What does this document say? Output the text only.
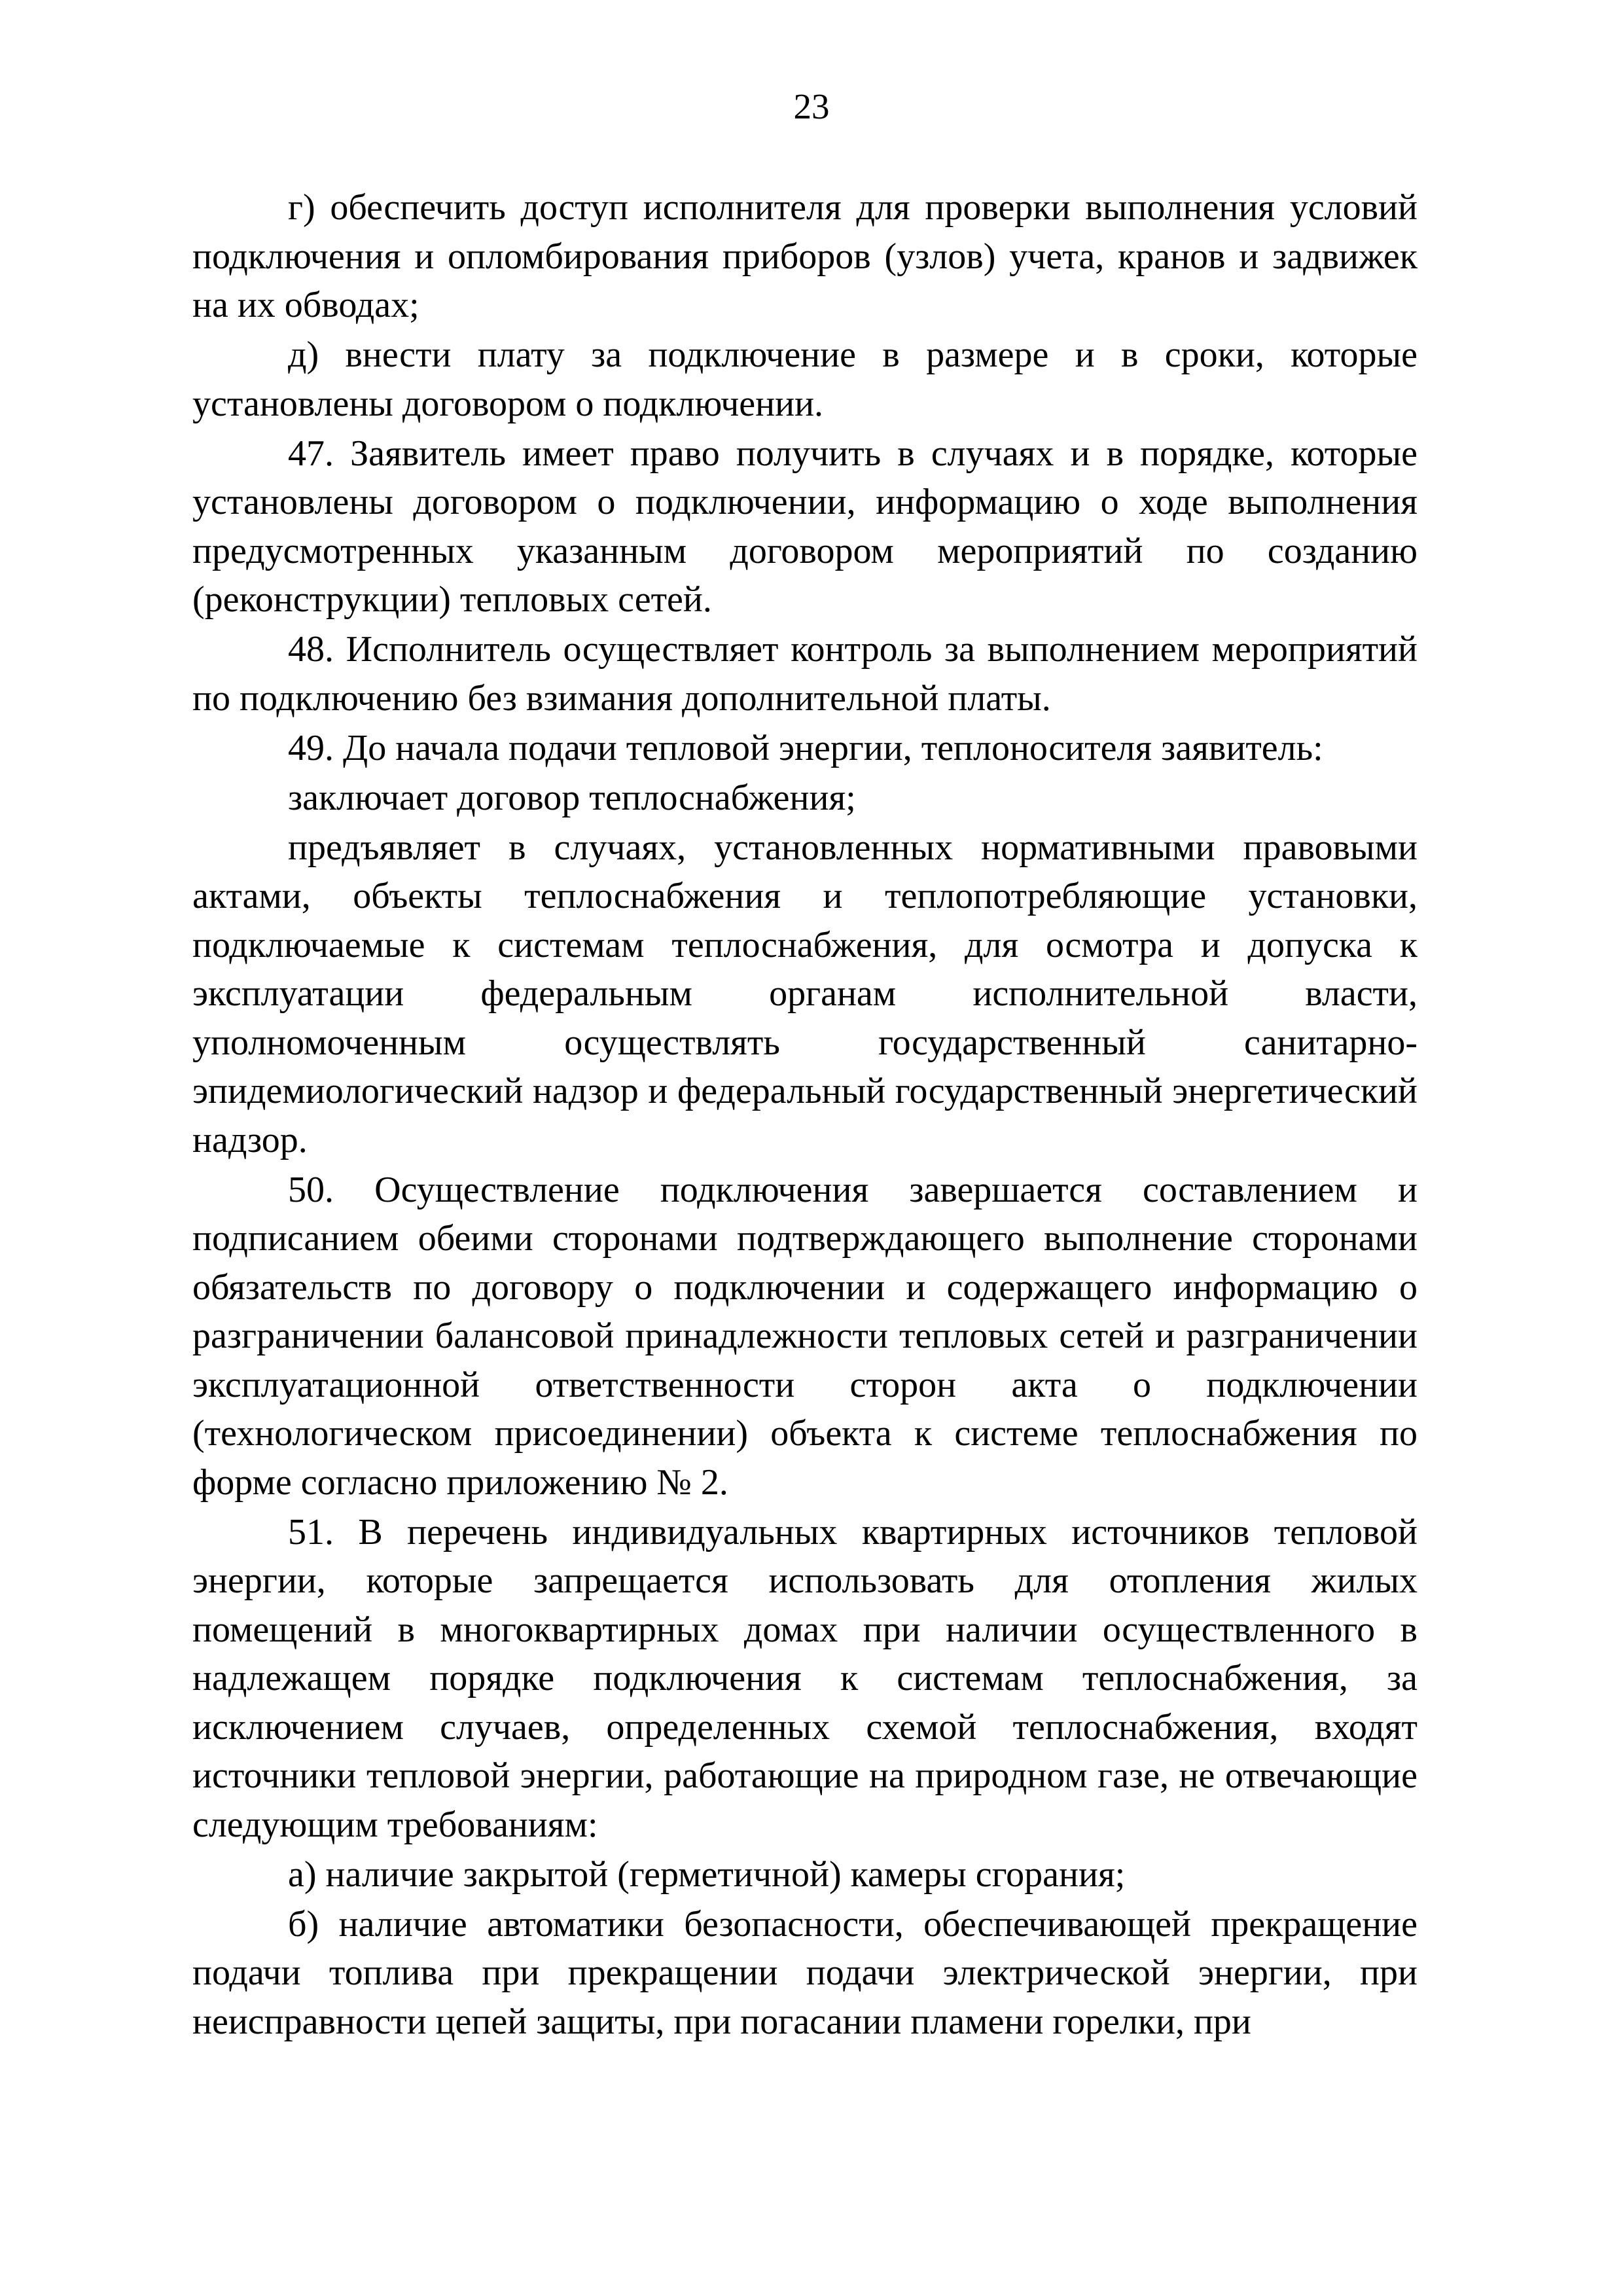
23

г) обеспечить доступ исполнителя для проверки выполнения условий подключения и опломбирования приборов (узлов) учета, кранов и задвижек на их обводах;

д) внести плату за подключение в размере и в сроки, которые установлены договором о подключении.

47. Заявитель имеет право получить в случаях и в порядке, которые установлены договором о подключении, информацию о ходе выполнения предусмотренных указанным договором мероприятий по созданию (реконструкции) тепловых сетей.

48. Исполнитель осуществляет контроль за выполнением мероприятий по подключению без взимания дополнительной платы.

49. До начала подачи тепловой энергии, теплоносителя заявитель:

заключает договор теплоснабжения;

предъявляет в случаях, установленных нормативными правовыми актами, объекты теплоснабжения и теплопотребляющие установки, подключаемые к системам теплоснабжения, для осмотра и допуска к эксплуатации федеральным органам исполнительной власти, уполномоченным осуществлять государственный санитарно-эпидемиологический надзор и федеральный государственный энергетический надзор.

50. Осуществление подключения завершается составлением и подписанием обеими сторонами подтверждающего выполнение сторонами обязательств по договору о подключении и содержащего информацию о разграничении балансовой принадлежности тепловых сетей и разграничении эксплуатационной ответственности сторон акта о подключении (технологическом присоединении) объекта к системе теплоснабжения по форме согласно приложению № 2.

51. В перечень индивидуальных квартирных источников тепловой энергии, которые запрещается использовать для отопления жилых помещений в многоквартирных домах при наличии осуществленного в надлежащем порядке подключения к системам теплоснабжения, за исключением случаев, определенных схемой теплоснабжения, входят источники тепловой энергии, работающие на природном газе, не отвечающие следующим требованиям:

а) наличие закрытой (герметичной) камеры сгорания;

б) наличие автоматики безопасности, обеспечивающей прекращение подачи топлива при прекращении подачи электрической энергии, при неисправности цепей защиты, при погасании пламени горелки, при
